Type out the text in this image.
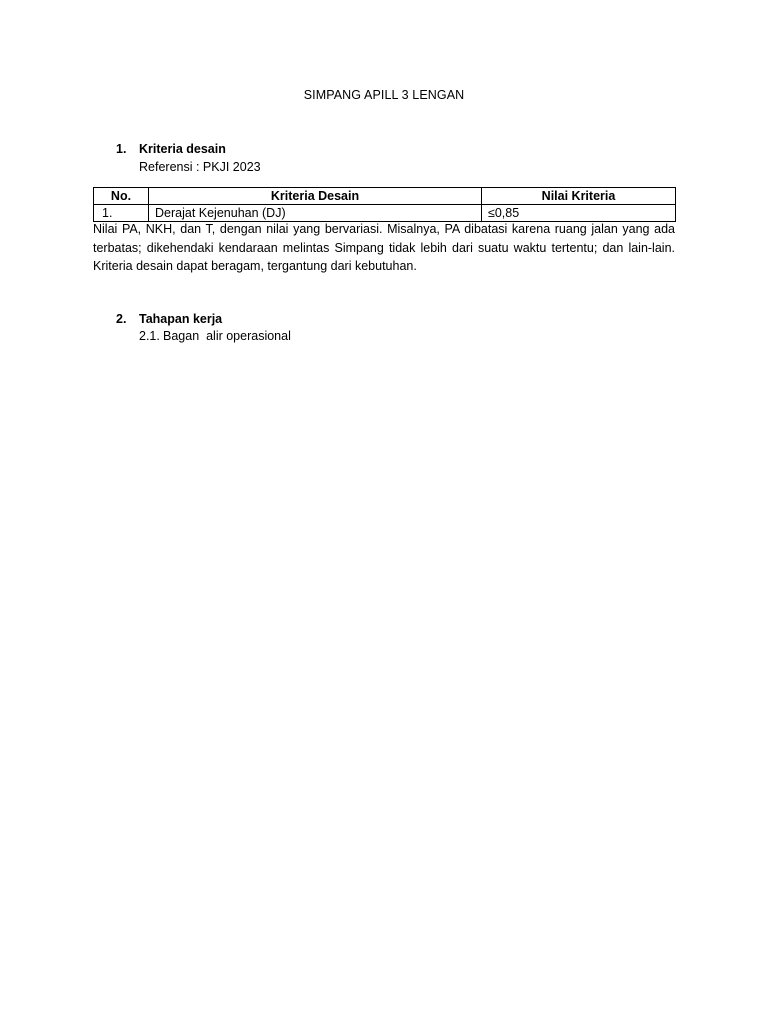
SIMPANG APILL 3 LENGAN
1. Kriteria desain
Referensi : PKJI 2023
No.	Kriteria Desain	Nilai Kriteria
1.	Derajat Kejenuhan (DJ)	≤0,85
Nilai PA, NKH, dan T, dengan nilai yang bervariasi. Misalnya, PA dibatasi karena ruang jalan yang ada terbatas; dikehendaki kendaraan melintas Simpang tidak lebih dari suatu waktu tertentu; dan lain-lain. Kriteria desain dapat beragam, tergantung dari kebutuhan.
2. Tahapan kerja
2.1. Bagan  alir operasional
